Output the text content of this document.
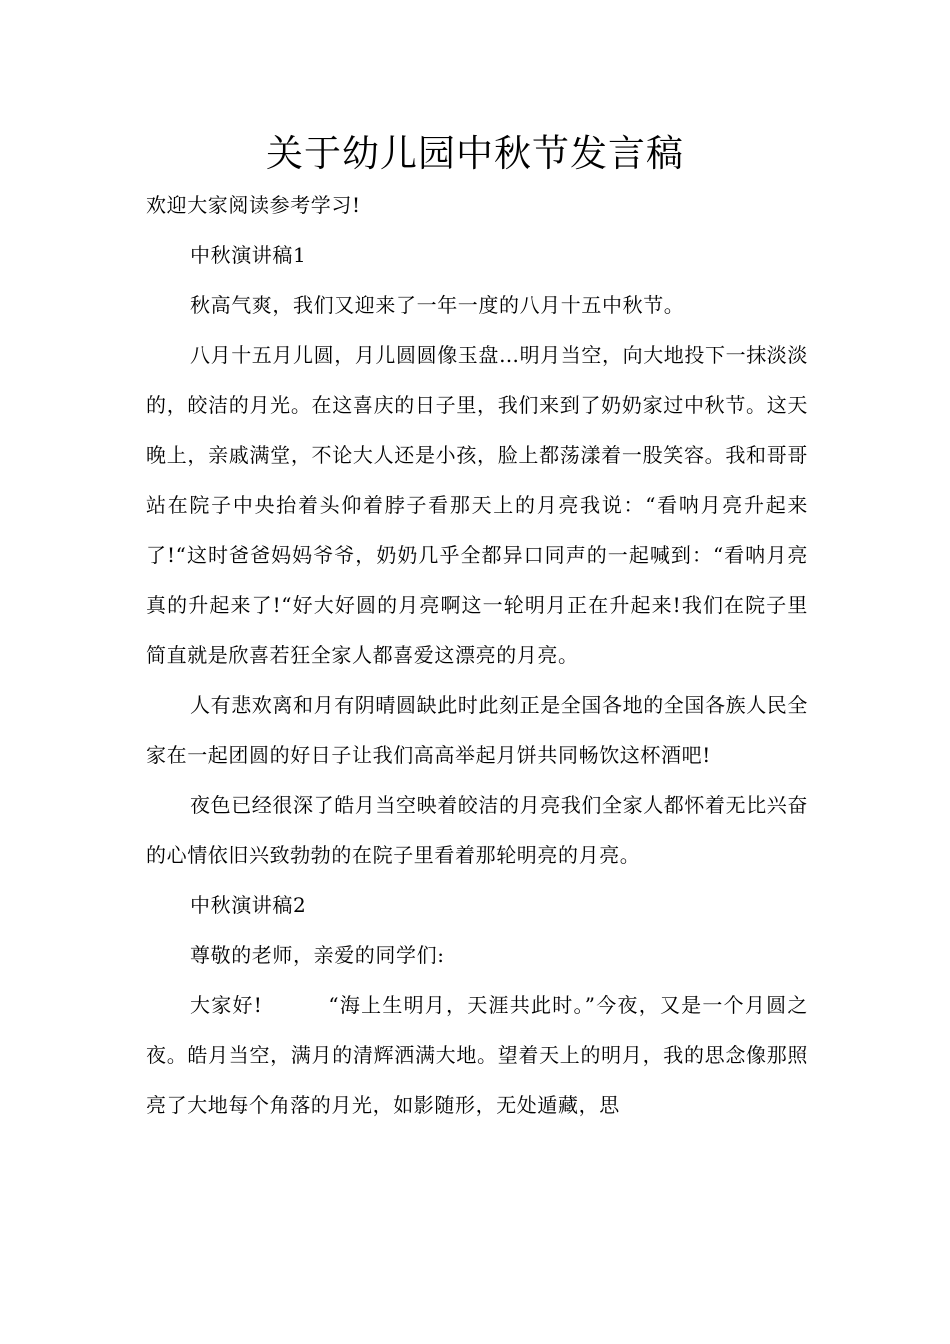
关于幼儿园中秋节发言稿

欢迎大家阅读参考学习!

中秋演讲稿1

秋高气爽，我们又迎来了一年一度的八月十五中秋节。

八月十五月儿圆，月儿圆圆像玉盘…明月当空，向大地投下一抹淡淡的，皎洁的月光。在这喜庆的日子里，我们来到了奶奶家过中秋节。这天晚上，亲戚满堂，不论大人还是小孩，脸上都荡漾着一股笑容。我和哥哥站在院子中央抬着头仰着脖子看那天上的月亮我说：“看呐月亮升起来了!“这时爸爸妈妈爷爷，奶奶几乎全都异口同声的一起喊到：“看呐月亮真的升起来了!“好大好圆的月亮啊这一轮明月正在升起来!我们在院子里简直就是欣喜若狂全家人都喜爱这漂亮的月亮。

人有悲欢离和月有阴晴圆缺此时此刻正是全国各地的全国各族人民全家在一起团圆的好日子让我们高高举起月饼共同畅饮这杯酒吧!

夜色已经很深了皓月当空映着皎洁的月亮我们全家人都怀着无比兴奋的心情依旧兴致勃勃的在院子里看着那轮明亮的月亮。

中秋演讲稿2

尊敬的老师，亲爱的同学们:

大家好!	“海上生明月，天涯共此时。”今夜，又是一个月圆之夜。皓月当空，满月的清辉洒满大地。望着天上的明月，我的思念像那照亮了大地每个角落的月光，如影随形，无处遁藏，思
